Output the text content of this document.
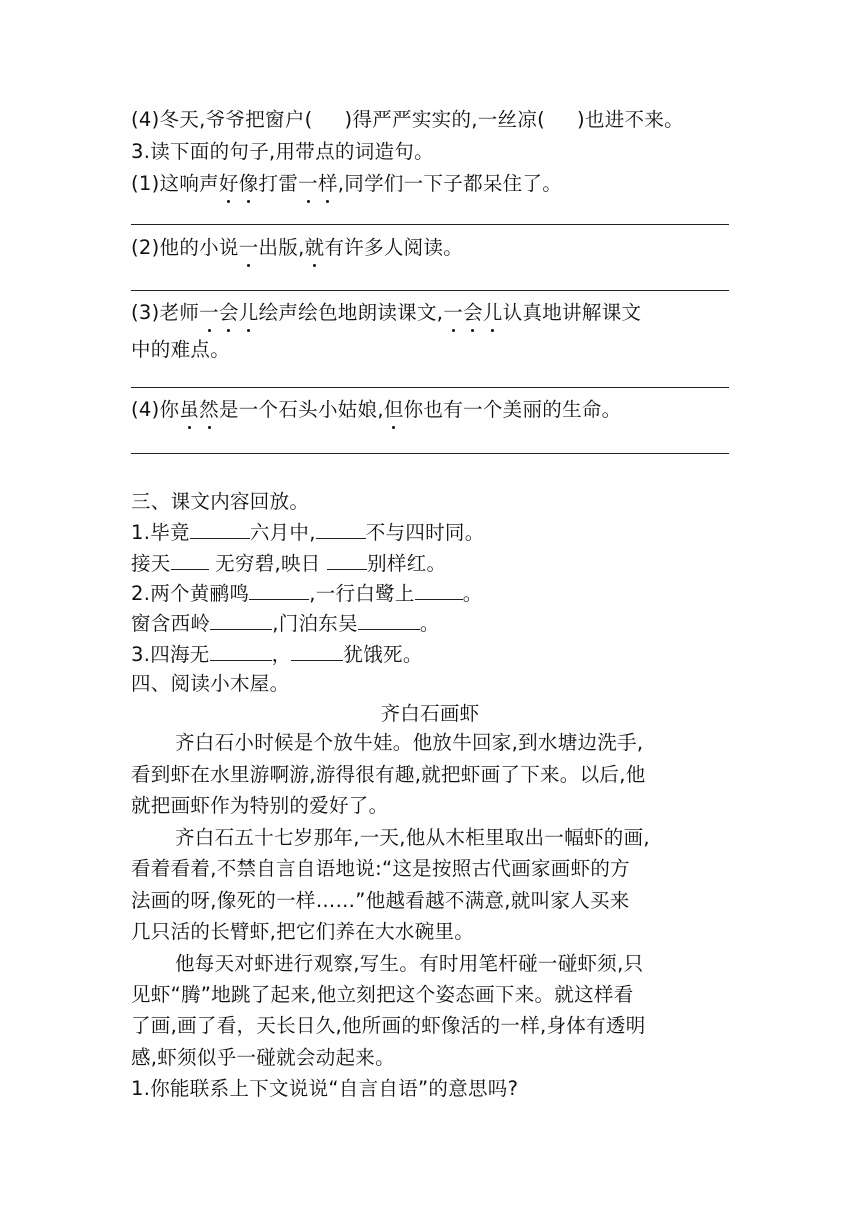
(4)冬天,爷爷把窗户( )得严严实实的,一丝凉( )也进不来。
3.读下面的句子,用带点的词造句。
(1)这响声好像打雷一样,同学们一下子都呆住了。
(2)他的小说一出版,就有许多人阅读。
(3)老师一会儿绘声绘色地朗读课文,一会儿认真地讲解课文
中的难点。
(4)你虽然是一个石头小姑娘,但你也有一个美丽的生命。
三、课文内容回放。
1.毕竟	六月中,	不与四时同。
接天 无穷碧,映日 别样红。
2.两个黄鹂鸣	,一行白鹭上 。
窗含西岭	,门泊东吴	。
3.四海无	，	犹饿死。
四、阅读小木屋。
齐白石画虾
齐白石小时候是个放牛娃。他放牛回家,到水塘边洗手,
看到虾在水里游啊游,游得很有趣,就把虾画了下来。以后,他
就把画虾作为特别的爱好了。
齐白石五十七岁那年,一天,他从木柜里取出一幅虾的画,
看着看着,不禁自言自语地说:“这是按照古代画家画虾的方
法画的呀,像死的一样……”他越看越不满意,就叫家人买来
几只活的长臂虾,把它们养在大水碗里。
他每天对虾进行观察,写生。有时用笔杆碰一碰虾须,只
见虾“腾”地跳了起来,他立刻把这个姿态画下来。就这样看
了画,画了看，天长日久,他所画的虾像活的一样,身体有透明
感,虾须似乎一碰就会动起来。
1.你能联系上下文说说“自言自语”的意思吗?
